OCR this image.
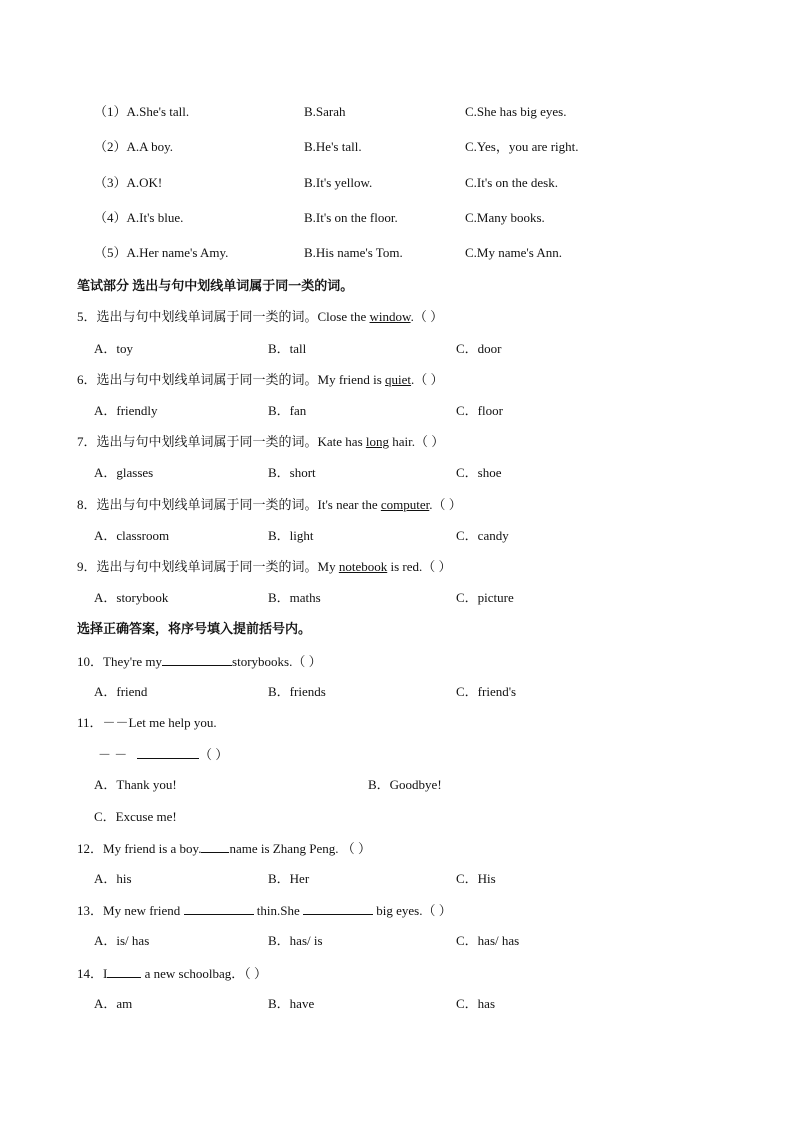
（1）A.She's tall.	B.Sarah	C.She has big eyes.
（2）A.A boy.	B.He's tall.	C.Yes，you are right.
（3）A.OK!	B.It's yellow.	C.It's on the desk.
（4）A.It's blue.	B.It's on the floor.	C.Many books.
（5）A.Her name's Amy.	B.His name's Tom.	C.My name's Ann.
笔试部分 选出与句中划线单词属于同一类的词。
5．选出与句中划线单词属于同一类的词。Close the window.（ ）
A．toy	B．tall	C．door
6．选出与句中划线单词属于同一类的词。My friend is quiet.（ ）
A．friendly	B．fan	C．floor
7．选出与句中划线单词属于同一类的词。Kate has long hair.（ ）
A．glasses	B．short	C．shoe
8．选出与句中划线单词属于同一类的词。It's near the computer.（ ）
A．classroom	B．light	C．candy
9．选出与句中划线单词属于同一类的词。My notebook is red.（ ）
A．storybook	B．maths	C．picture
选择正确答案，将序号填入提前括号内。
10．They're my	storybooks.（ ）
A．friend	B．friends	C．friend's
11．－－Let me help you.
－ －	（ ）
A．Thank you!	B．Goodbye!
C．Excuse me!
12．My friend is a boy. name is Zhang Peng. （ ）
A．his	B．Her	C．His
13．My new friend	thin.She	big eyes.（ ）
A．is/ has	B．has/ is	C．has/ has
14．I	a new schoolbag．（ ）
A．am	B．have	C．has
